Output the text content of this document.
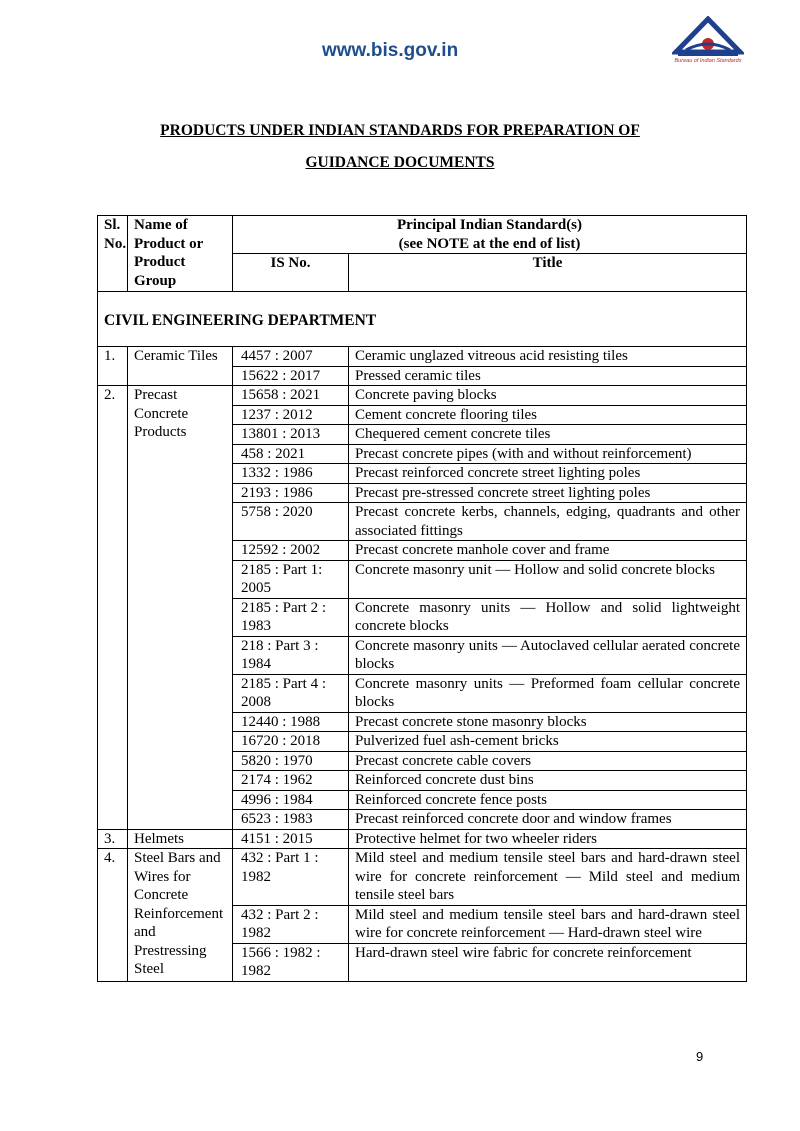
www.bis.gov.in	Bureau of Indian Standards
PRODUCTS UNDER INDIAN STANDARDS FOR PREPARATION OF
GUIDANCE DOCUMENTS
Sl. No.	Name of Product or Product Group	Principal Indian Standard(s)
(see NOTE at the end of list)	
		IS No.	Title
CIVIL ENGINEERING DEPARTMENT			
1.	Ceramic Tiles	4457 : 2007	Ceramic unglazed vitreous acid resisting tiles
		15622 : 2017	Pressed ceramic tiles
2.	Precast Concrete Products	15658 : 2021	Concrete paving blocks
		1237 : 2012	Cement concrete flooring tiles
		13801 : 2013	Chequered cement concrete tiles
		458 : 2021	Precast concrete pipes (with and without reinforcement)
		1332 : 1986	Precast reinforced concrete street lighting poles
		2193 : 1986	Precast pre-stressed concrete street lighting poles
		5758 : 2020	Precast concrete kerbs, channels, edging, quadrants and other associated fittings
		12592 : 2002	Precast concrete manhole cover and frame
		2185 : Part 1: 2005	Concrete masonry unit — Hollow and solid concrete blocks
		2185 : Part 2 : 1983	Concrete masonry units — Hollow and solid lightweight concrete blocks
		218 : Part 3 : 1984	Concrete masonry units — Autoclaved cellular aerated concrete blocks
		2185 : Part 4 : 2008	Concrete masonry units — Preformed foam cellular concrete blocks
		12440 : 1988	Precast concrete stone masonry blocks
		16720 : 2018	Pulverized fuel ash-cement bricks
		5820 : 1970	Precast concrete cable covers
		2174 : 1962	Reinforced concrete dust bins
		4996 : 1984	Reinforced concrete fence posts
		6523 : 1983	Precast reinforced concrete door and window frames
3.	Helmets	4151 : 2015	Protective helmet for two wheeler riders
4.	Steel Bars and Wires for Concrete Reinforcement and Prestressing Steel	432 : Part 1 : 1982	Mild steel and medium tensile steel bars and hard-drawn steel wire for concrete reinforcement — Mild steel and medium tensile steel bars
		432 : Part 2 : 1982	Mild steel and medium tensile steel bars and hard-drawn steel wire for concrete reinforcement — Hard-drawn steel wire
		1566 : 1982 : 1982	Hard-drawn steel wire fabric for concrete reinforcement
9
